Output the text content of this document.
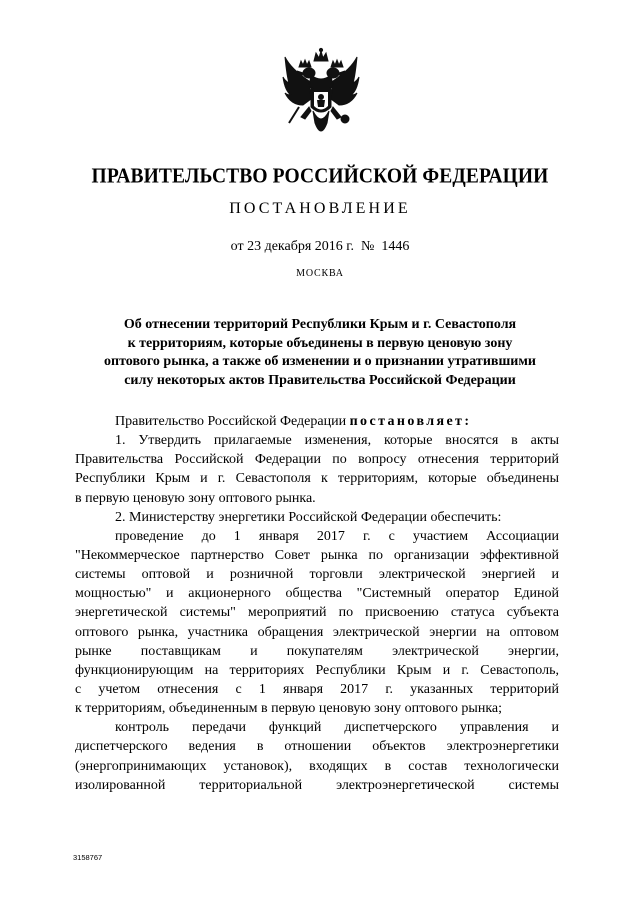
ПРАВИТЕЛЬСТВО РОССИЙСКОЙ ФЕДЕРАЦИИ
ПОСТАНОВЛЕНИЕ
от 23 декабря 2016 г.  №  1446
МОСКВА
Об отнесении территорий Республики Крым и г. Севастополя
к территориям, которые объединены в первую ценовую зону
оптового рынка, а также об изменении и о признании утратившими
силу некоторых актов Правительства Российской Федерации
Правительство Российской Федерации постановляет:
1. Утвердить прилагаемые изменения, которые вносятся в акты
Правительства Российской Федерации по вопросу отнесения территорий
Республики Крым и г. Севастополя к территориям, которые объединены
в первую ценовую зону оптового рынка.
2. Министерству энергетики Российской Федерации обеспечить:
проведение до 1 января 2017 г. с участием Ассоциации
"Некоммерческое партнерство Совет рынка по организации эффективной
системы оптовой и розничной торговли электрической энергией и
мощностью" и акционерного общества "Системный оператор Единой
энергетической системы" мероприятий по присвоению статуса субъекта
оптового рынка, участника обращения электрической энергии на оптовом
рынке поставщикам и покупателям электрической энергии,
функционирующим на территориях Республики Крым и г. Севастополь,
с учетом отнесения с 1 января 2017 г. указанных территорий
к территориям, объединенным в первую ценовую зону оптового рынка;
контроль передачи функций диспетчерского управления и
диспетчерского ведения в отношении объектов электроэнергетики
(энергопринимающих установок), входящих в состав технологически
изолированной территориальной электроэнергетической системы
3158767
